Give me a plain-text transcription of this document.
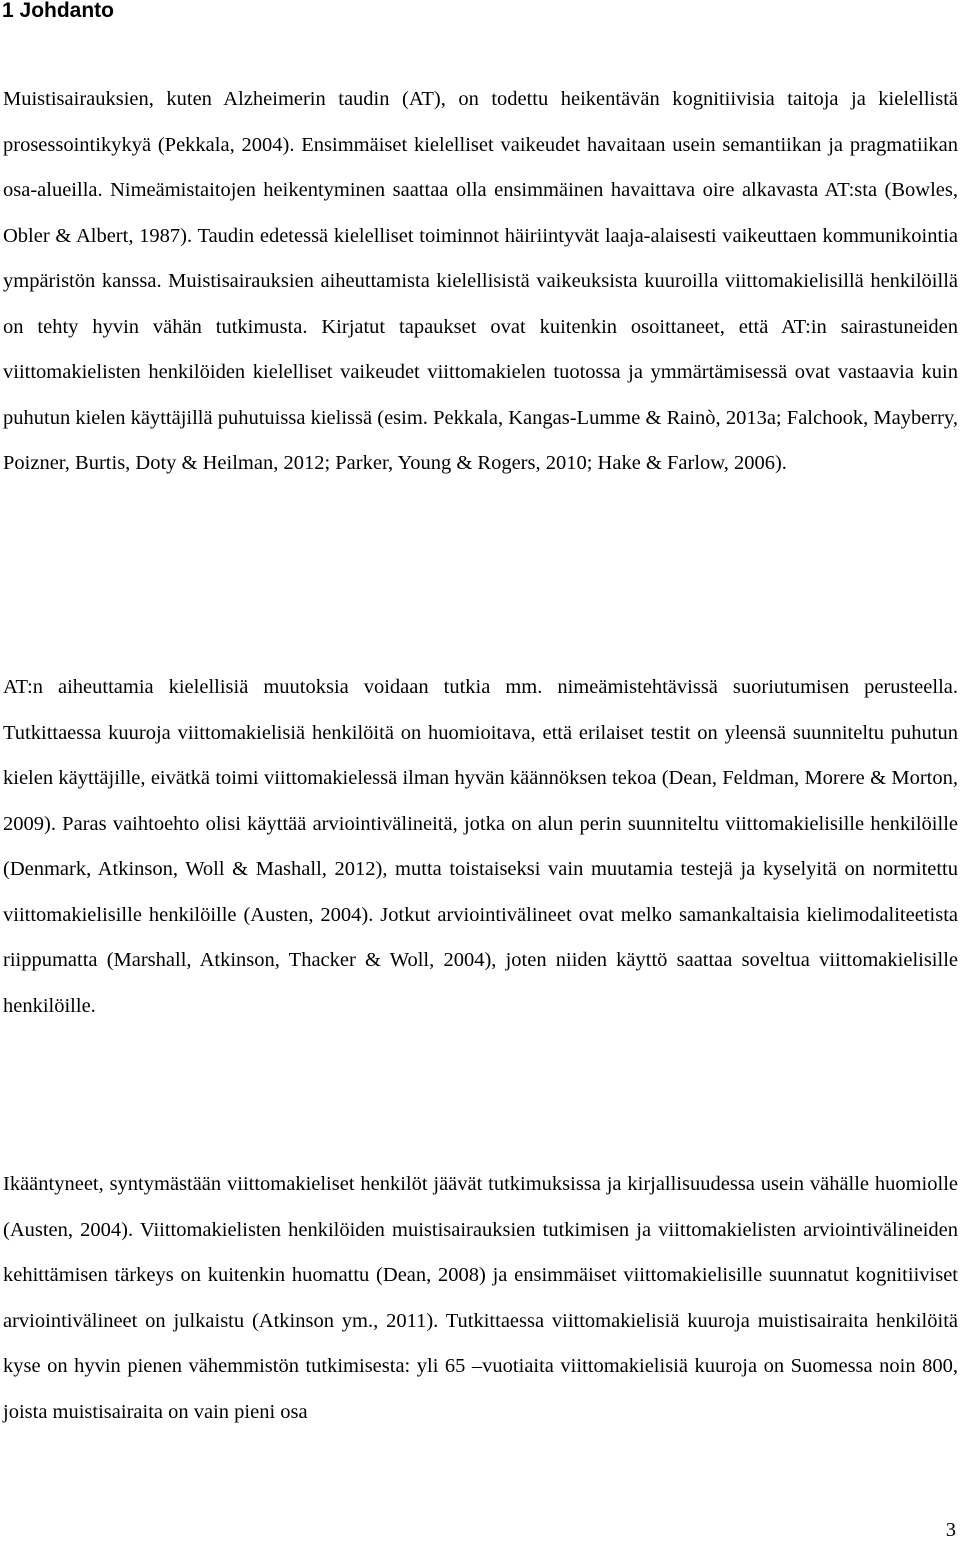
1 Johdanto

Muistisairauksien, kuten Alzheimerin taudin (AT), on todettu heikentävän kognitiivisia taitoja ja kielellistä prosessointikykyä (Pekkala, 2004). Ensimmäiset kielelliset vaikeudet havaitaan usein semantiikan ja pragmatiikan osa-alueilla. Nimeämistaitojen heikentyminen saattaa olla ensimmäinen havaittava oire alkavasta AT:sta (Bowles, Obler & Albert, 1987). Taudin edetessä kielelliset toiminnot häiriintyvät laaja-alaisesti vaikeuttaen kommunikointia ympäristön kanssa. Muistisairauksien aiheuttamista kielellisistä vaikeuksista kuuroilla viittomakielisillä henkilöillä on tehty hyvin vähän tutkimusta. Kirjatut tapaukset ovat kuitenkin osoittaneet, että AT:in sairastuneiden viittomakielisten henkilöiden kielelliset vaikeudet viittomakielen tuotossa ja ymmärtämisessä ovat vastaavia kuin puhutun kielen käyttäjillä puhutuissa kielissä (esim. Pekkala, Kangas-Lumme & Rainò, 2013a; Falchook, Mayberry, Poizner, Burtis, Doty & Heilman, 2012; Parker, Young & Rogers, 2010; Hake & Farlow, 2006).

AT:n aiheuttamia kielellisiä muutoksia voidaan tutkia mm. nimeämistehtävissä suoriutumisen perusteella. Tutkittaessa kuuroja viittomakielisiä henkilöitä on huomioitava, että erilaiset testit on yleensä suunniteltu puhutun kielen käyttäjille, eivätkä toimi viittomakielessä ilman hyvän käännöksen tekoa (Dean, Feldman, Morere & Morton, 2009). Paras vaihtoehto olisi käyttää arviointivälineitä, jotka on alun perin suunniteltu viittomakielisille henkilöille (Denmark, Atkinson, Woll & Mashall, 2012), mutta toistaiseksi vain muutamia testejä ja kyselyitä on normitettu viittomakielisille henkilöille (Austen, 2004). Jotkut arviointivälineet ovat melko samankaltaisia kielimodaliteetista riippumatta (Marshall, Atkinson, Thacker & Woll, 2004), joten niiden käyttö saattaa soveltua viittomakielisille henkilöille.

Ikääntyneet, syntymästään viittomakieliset henkilöt jäävät tutkimuksissa ja kirjallisuudessa usein vähälle huomiolle (Austen, 2004). Viittomakielisten henkilöiden muistisairauksien tutkimisen ja viittomakielisten arviointivälineiden kehittämisen tärkeys on kuitenkin huomattu (Dean, 2008) ja ensimmäiset viittomakielisille suunnatut kognitiiviset arviointivälineet on julkaistu (Atkinson ym., 2011). Tutkittaessa viittomakielisiä kuuroja muistisairaita henkilöitä kyse on hyvin pienen vähemmistön tutkimisesta: yli 65 –vuotiaita viittomakielisiä kuuroja on Suomessa noin 800, joista muistisairaita on vain pieni osa

3
